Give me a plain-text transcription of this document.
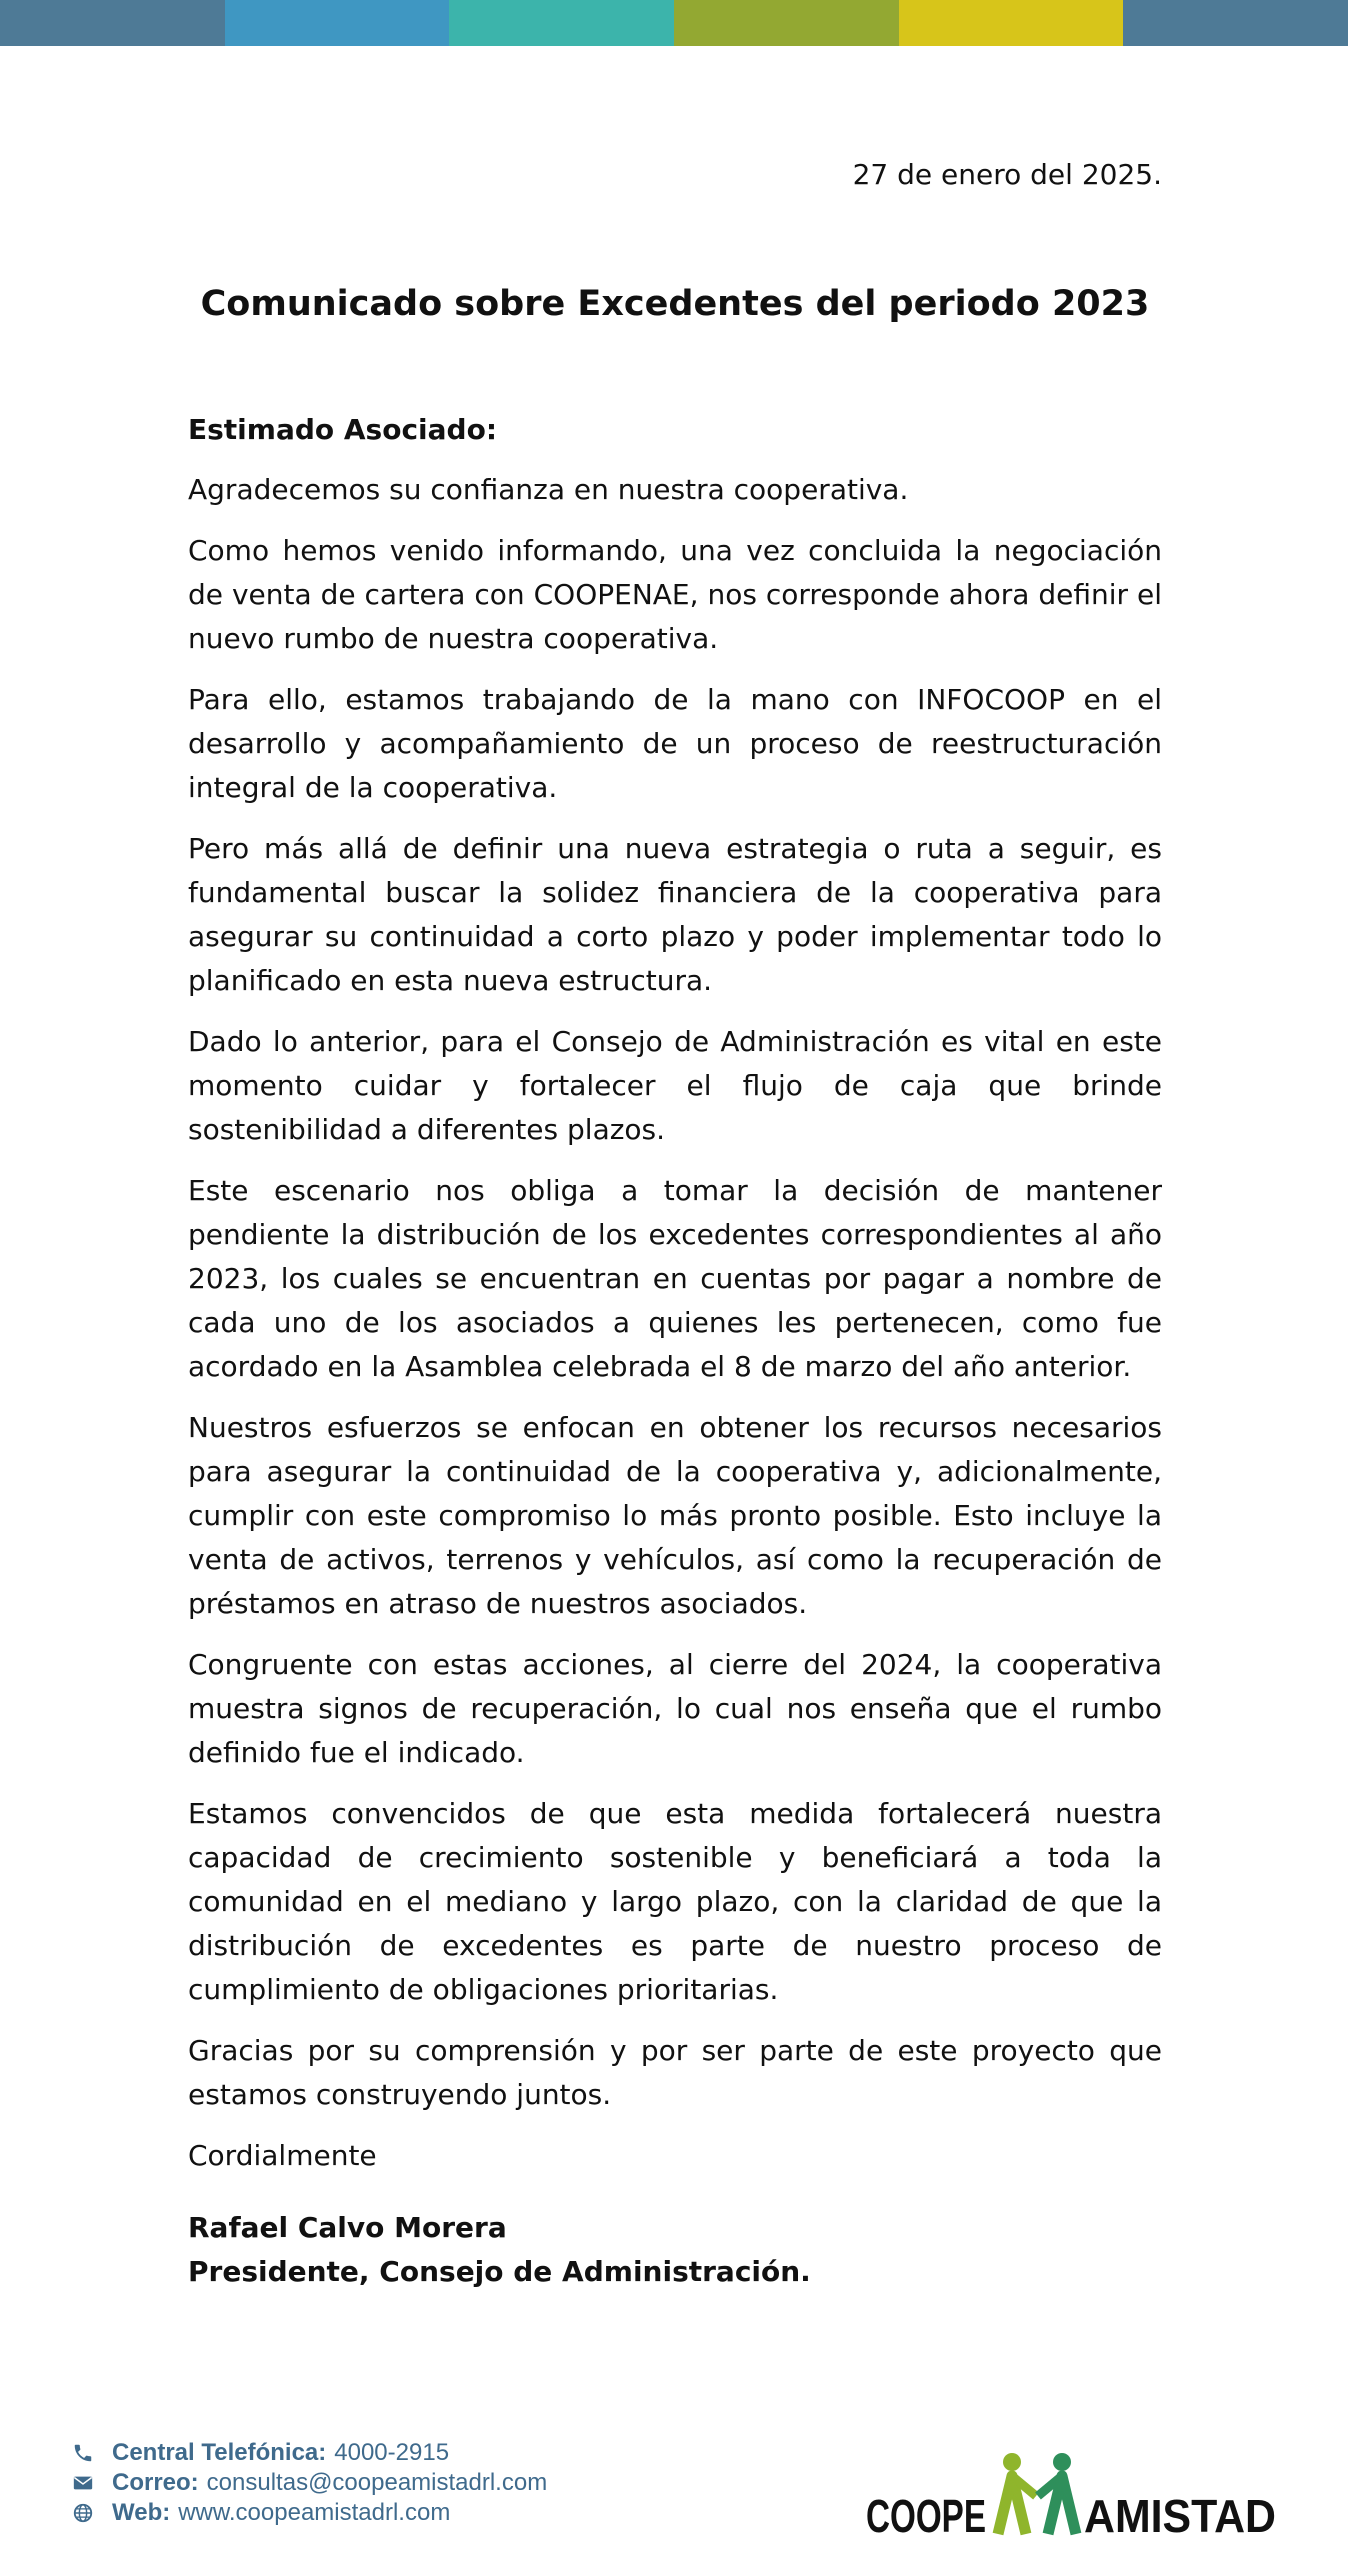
27 de enero del 2025.
Comunicado sobre Excedentes del periodo 2023

Estimado Asociado:

Agradecemos su confianza en nuestra cooperativa.

Como hemos venido informando, una vez concluida la negociación de venta de cartera con COOPENAE, nos corresponde ahora definir el nuevo rumbo de nuestra cooperativa.

Para ello, estamos trabajando de la mano con INFOCOOP en el desarrollo y acompañamiento de un proceso de reestructuración integral de la cooperativa.

Pero más allá de definir una nueva estrategia o ruta a seguir, es fundamental buscar la solidez financiera de la cooperativa para asegurar su continuidad a corto plazo y poder implementar todo lo planificado en esta nueva estructura.

Dado lo anterior, para el Consejo de Administración es vital en este momento cuidar y fortalecer el flujo de caja que brinde sostenibilidad a diferentes plazos.

Este escenario nos obliga a tomar la decisión de mantener pendiente la distribución de los excedentes correspondientes al año 2023, los cuales se encuentran en cuentas por pagar a nombre de cada uno de los asociados a quienes les pertenecen, como fue acordado en la Asamblea celebrada el 8 de marzo del año anterior.

Nuestros esfuerzos se enfocan en obtener los recursos necesarios para asegurar la continuidad de la cooperativa y, adicionalmente, cumplir con este compromiso lo más pronto posible. Esto incluye la venta de activos, terrenos y vehículos, así como la recuperación de préstamos en atraso de nuestros asociados.

Congruente con estas acciones, al cierre del 2024, la cooperativa muestra signos de recuperación, lo cual nos enseña que el rumbo definido fue el indicado.

Estamos convencidos de que esta medida fortalecerá nuestra capacidad de crecimiento sostenible y beneficiará a toda la comunidad en el mediano y largo plazo, con la claridad de que la distribución de excedentes es parte de nuestro proceso de cumplimiento de obligaciones prioritarias.

Gracias por su comprensión y por ser parte de este proyecto que estamos construyendo juntos.

Cordialmente

Rafael Calvo Morera
Presidente, Consejo de Administración.
Central Telefónica: 4000-2915
Correo: consultas@coopeamistadrl.com
Web: www.coopeamistadrl.com	COOPE AMISTAD
